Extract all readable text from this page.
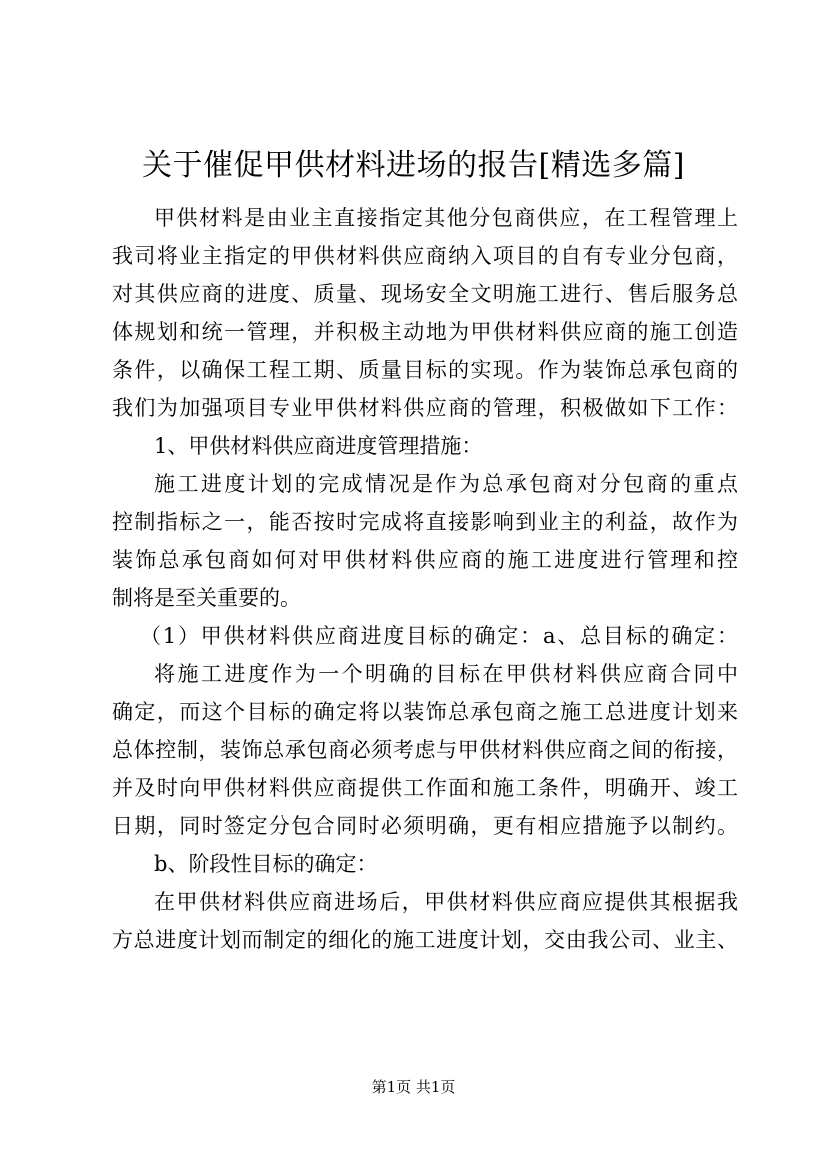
关于催促甲供材料进场的报告[精选多篇]
甲供材料是由业主直接指定其他分包商供应，在工程管理上
我司将业主指定的甲供材料供应商纳入项目的自有专业分包商，
对其供应商的进度、质量、现场安全文明施工进行、售后服务总
体规划和统一管理，并积极主动地为甲供材料供应商的施工创造
条件，以确保工程工期、质量目标的实现。作为装饰总承包商的
我们为加强项目专业甲供材料供应商的管理，积极做如下工作：
1、甲供材料供应商进度管理措施：
施工进度计划的完成情况是作为总承包商对分包商的重点
控制指标之一，能否按时完成将直接影响到业主的利益，故作为
装饰总承包商如何对甲供材料供应商的施工进度进行管理和控
制将是至关重要的。
（1）甲供材料供应商进度目标的确定：a、总目标的确定：
将施工进度作为一个明确的目标在甲供材料供应商合同中
确定，而这个目标的确定将以装饰总承包商之施工总进度计划来
总体控制，装饰总承包商必须考虑与甲供材料供应商之间的衔接，
并及时向甲供材料供应商提供工作面和施工条件，明确开、竣工
日期，同时签定分包合同时必须明确，更有相应措施予以制约。
b、阶段性目标的确定：
在甲供材料供应商进场后，甲供材料供应商应提供其根据我
方总进度计划而制定的细化的施工进度计划，交由我公司、业主、
第1页 共1页
